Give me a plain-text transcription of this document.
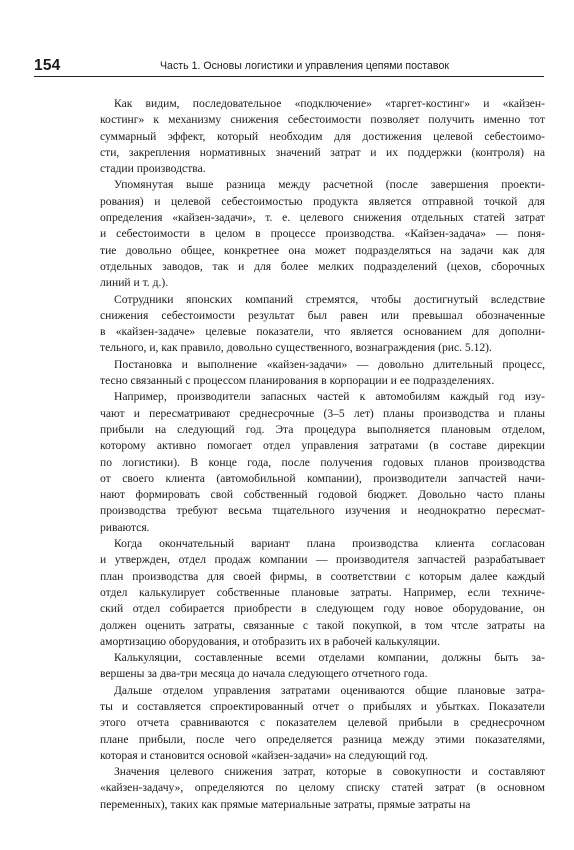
154	Часть 1. Основы логистики и управления цепями поставок

Как видим, последовательное «подключение» «таргет-костинг» и «кайзен-
костинг» к механизму снижения себестоимости позволяет получить именно тот
суммарный эффект, который необходим для достижения целевой себестоимо-
сти, закрепления нормативных значений затрат и их поддержки (контроля) на
стадии производства.

Упомянутая выше разница между расчетной (после завершения проекти-
рования) и целевой себестоимостью продукта является отправной точкой для
определения «кайзен-задачи», т. е. целевого снижения отдельных статей затрат
и себестоимости в целом в процессе производства. «Кайзен-задача» — поня-
тие довольно общее, конкретнее она может подразделяться на задачи как для
отдельных заводов, так и для более мелких подразделений (цехов, сборочных
линий и т. д.).

Сотрудники японских компаний стремятся, чтобы достигнутый вследствие
снижения себестоимости результат был равен или превышал обозначенные
в «кайзен-задаче» целевые показатели, что является основанием для дополни-
тельного, и, как правило, довольно существенного, вознаграждения (рис. 5.12).

Постановка и выполнение «кайзен-задачи» — довольно длительный процесс,
тесно связанный с процессом планирования в корпорации и ее подразделениях.

Например, производители запасных частей к автомобилям каждый год изу-
чают и пересматривают среднесрочные (3–5 лет) планы производства и планы
прибыли на следующий год. Эта процедура выполняется плановым отделом,
которому активно помогает отдел управления затратами (в составе дирекции
по логистики). В конце года, после получения годовых планов производства
от своего клиента (автомобильной компании), производители запчастей начи-
нают формировать свой собственный годовой бюджет. Довольно часто планы
производства требуют весьма тщательного изучения и неоднократно пересмат-
риваются.

Когда окончательный вариант плана производства клиента согласован
и утвержден, отдел продаж компании — производителя запчастей разрабатывает
план производства для своей фирмы, в соответствии с которым далее каждый
отдел калькулирует собственные плановые затраты. Например, если техниче-
ский отдел собирается приобрести в следующем году новое оборудование, он
должен оценить затраты, связанные с такой покупкой, в том чтсле затраты на
амортизацию оборудования, и отобразить их в рабочей калькуляции.

Калькуляции, составленные всеми отделами компании, должны быть за-
вершены за два-три месяца до начала следующего отчетного года.

Дальше отделом управления затратами оцениваются общие плановые затра-
ты и составляется спроектированный отчет о прибылях и убытках. Показатели
этого отчета сравниваются с показателем целевой прибыли в среднесрочном
плане прибыли, после чего определяется разница между этими показателями,
которая и становится основой «кайзен-задачи» на следующий год.

Значения целевого снижения затрат, которые в совокупности и составляют
«кайзен-задачу», определяются по целому списку статей затрат (в основном
переменных), таких как прямые материальные затраты, прямые затраты на
